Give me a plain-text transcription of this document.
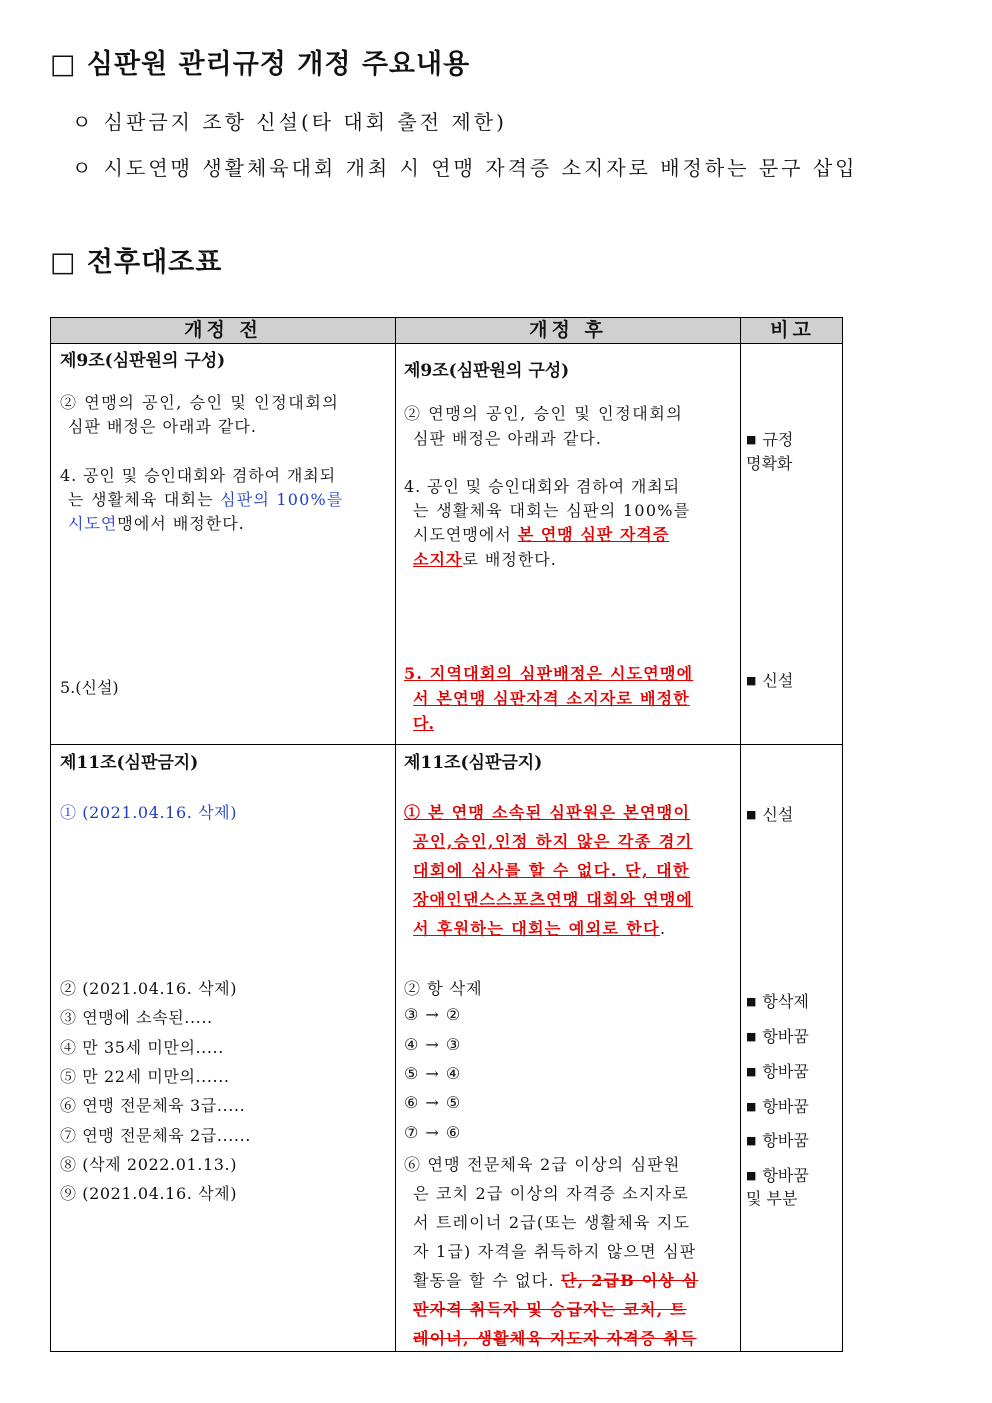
□ 심판원 관리규정 개정 주요내용
ㅇ 심판금지 조항 신설(타 대회 출전 제한)
ㅇ 시도연맹 생활체육대회 개최 시 연맹 자격증 소지자로 배정하는 문구 삽입
□ 전후대조표
개정 전	개정 후	비고
제9조(심판원의 구성)
② 연맹의 공인, 승인 및 인정대회의
심판 배정은 아래과 같다.
4. 공인 및 승인대회와 겸하여 개최되
는 생활체육 대회는 심판의 100%를
시도연맹에서 배정한다.
5.(신설)
제9조(심판원의 구성)
② 연맹의 공인, 승인 및 인정대회의
심판 배정은 아래과 같다.
4. 공인 및 승인대회와 겸하여 개최되
는 생활체육 대회는 심판의 100%를
시도연맹에서 본 연맹 심판 자격증
소지자로 배정한다.
5. 지역대회의 심판배정은 시도연맹에
서 본연맹 심판자격 소지자로 배정한
다.
■ 규정
명확화
■ 신설
제11조(심판금지)
① (2021.04.16. 삭제)
② (2021.04.16. 삭제)
③ 연맹에 소속된.....
④ 만 35세 미만의.....
⑤ 만 22세 미만의......
⑥ 연맹 전문체육 3급.....
⑦ 연맹 전문체육 2급......
⑧ (삭제 2022.01.13.)
⑨ (2021.04.16. 삭제)
제11조(심판금지)
① 본 연맹 소속된 심판원은 본연맹이
공인,승인,인정 하지 않은 각종 경기
대회에 심사를 할 수 없다. 단, 대한
장애인댄스스포츠연맹 대회와 연맹에
서 후원하는 대회는 예외로 한다.
② 항 삭제
③ → ②
④ → ③
⑤ → ④
⑥ → ⑤
⑦ → ⑥
⑥ 연맹 전문체육 2급 이상의 심판원
은 코치 2급 이상의 자격증 소지자로
서 트레이너 2급(또는 생활체육 지도
자 1급) 자격을 취득하지 않으면 심판
활동을 할 수 없다. 단, 2급B 이상 심
판자격 취득자 및 승급자는 코치, 트
레이너, 생활체육 지도자 자격증 취득
■ 신설
■ 항삭제
■ 항바꿈
■ 항바꿈
■ 항바꿈
■ 항바꿈
■ 항바꿈
및 부분
